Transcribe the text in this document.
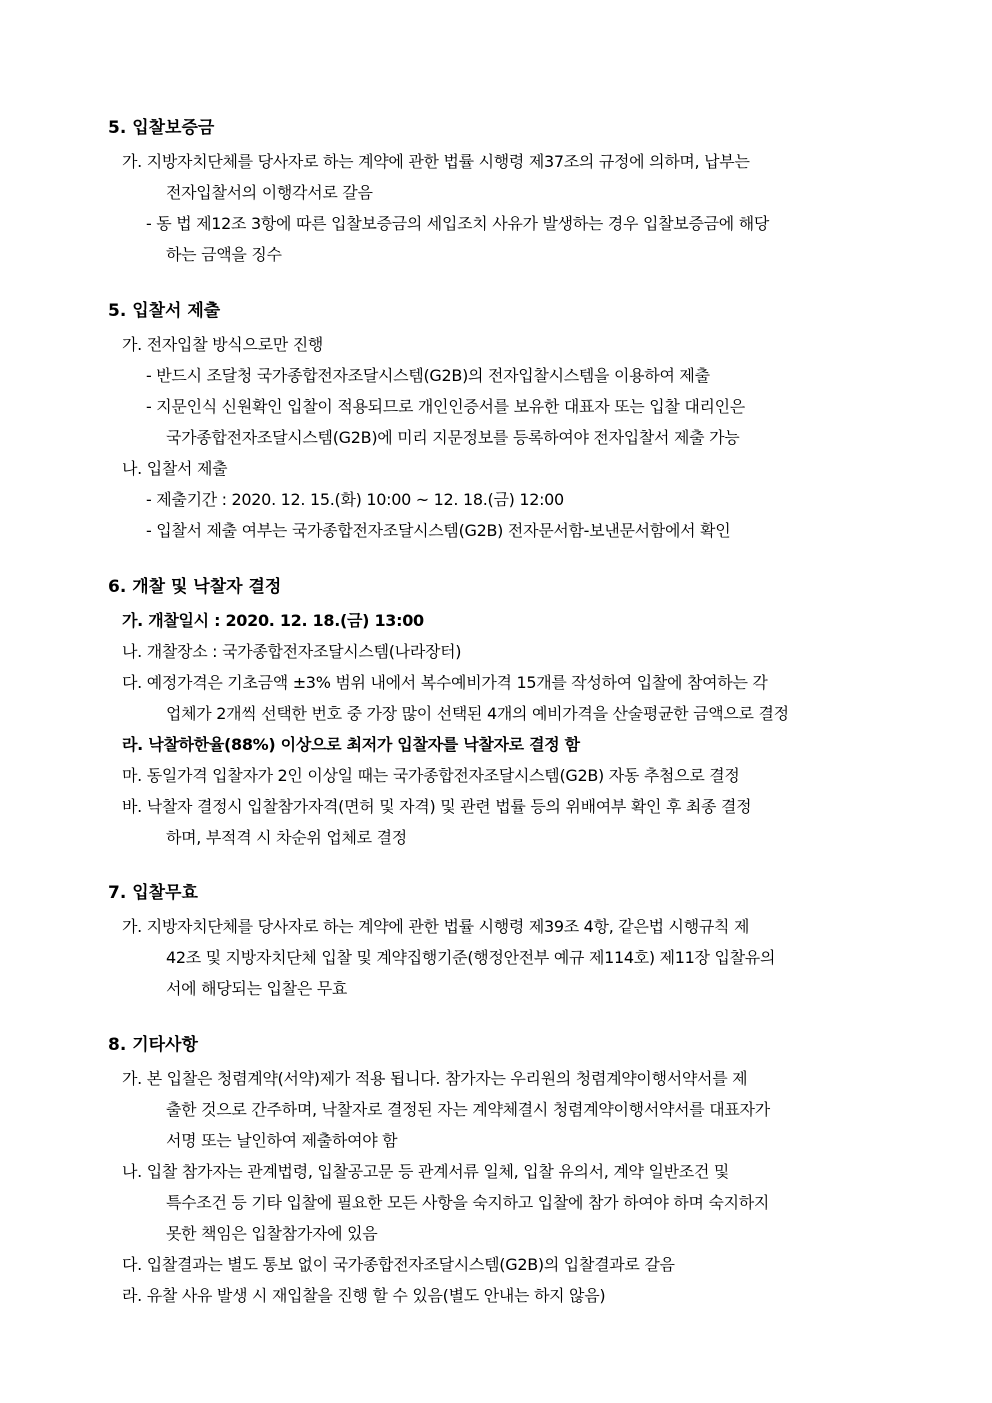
5. 입찰보증금
가. 지방자치단체를 당사자로 하는 계약에 관한 법률 시행령 제37조의 규정에 의하며, 납부는
전자입찰서의 이행각서로 갈음
- 동 법 제12조 3항에 따른 입찰보증금의 세입조치 사유가 발생하는 경우 입찰보증금에 해당
하는 금액을 징수
5. 입찰서 제출
가. 전자입찰 방식으로만 진행
- 반드시 조달청 국가종합전자조달시스템(G2B)의 전자입찰시스템을 이용하여 제출
- 지문인식 신원확인 입찰이 적용되므로 개인인증서를 보유한 대표자 또는 입찰 대리인은
국가종합전자조달시스템(G2B)에 미리 지문정보를 등록하여야 전자입찰서 제출 가능
나. 입찰서 제출
- 제출기간 : 2020. 12. 15.(화) 10:00 ~ 12. 18.(금) 12:00
- 입찰서 제출 여부는 국가종합전자조달시스템(G2B) 전자문서함-보낸문서함에서 확인
6. 개찰 및 낙찰자 결정
가. 개찰일시 : 2020. 12. 18.(금) 13:00
나. 개찰장소 : 국가종합전자조달시스템(나라장터)
다. 예정가격은 기초금액 ±3% 범위 내에서 복수예비가격 15개를 작성하여 입찰에 참여하는 각
업체가 2개씩 선택한 번호 중 가장 많이 선택된 4개의 예비가격을 산술평균한 금액으로 결정
라. 낙찰하한율(88%) 이상으로 최저가 입찰자를 낙찰자로 결정 함
마. 동일가격 입찰자가 2인 이상일 때는 국가종합전자조달시스템(G2B) 자동 추첨으로 결정
바. 낙찰자 결정시 입찰참가자격(면허 및 자격) 및 관련 법률 등의 위배여부 확인 후 최종 결정
하며, 부적격 시 차순위 업체로 결정
7. 입찰무효
가. 지방자치단체를 당사자로 하는 계약에 관한 법률 시행령 제39조 4항, 같은법 시행규칙 제
42조 및 지방자치단체 입찰 및 계약집행기준(행정안전부 예규 제114호) 제11장 입찰유의
서에 해당되는 입찰은 무효
8. 기타사항
가. 본 입찰은 청렴계약(서약)제가 적용 됩니다. 참가자는 우리원의 청렴계약이행서약서를 제
출한 것으로 간주하며, 낙찰자로 결정된 자는 계약체결시 청렴계약이행서약서를 대표자가
서명 또는 날인하여 제출하여야 함
나. 입찰 참가자는 관계법령, 입찰공고문 등 관계서류 일체, 입찰 유의서, 계약 일반조건 및
특수조건 등 기타 입찰에 필요한 모든 사항을 숙지하고 입찰에 참가 하여야 하며 숙지하지
못한 책임은 입찰참가자에 있음
다. 입찰결과는 별도 통보 없이 국가종합전자조달시스템(G2B)의 입찰결과로 갈음
라. 유찰 사유 발생 시 재입찰을 진행 할 수 있음(별도 안내는 하지 않음)
